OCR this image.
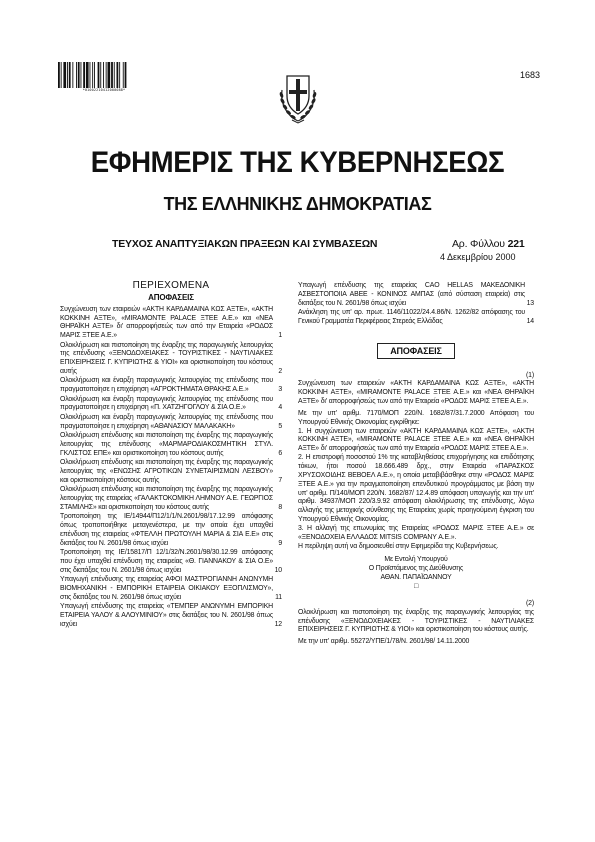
*01002210412000088*
1683
ΕΦΗΜΕΡΙΣ ΤΗΣ ΚΥΒΕΡΝΗΣΕΩΣ
ΤΗΣ ΕΛΛΗΝΙΚΗΣ ΔΗΜΟΚΡΑΤΙΑΣ
ΤΕΥΧΟΣ ΑΝΑΠΤΥΞΙΑΚΩΝ ΠΡΑΞΕΩΝ ΚΑΙ ΣΥΜΒΑΣΕΩΝ	Αρ. Φύλλου 221
4 Δεκεμβρίου 2000
ΠΕΡΙΕΧΟΜΕΝΑ
ΑΠΟΦΑΣΕΙΣ
Συγχώνευση των εταιρειών «ΑΚΤΗ ΚΑΡΔΑΜΑΙΝΑ ΚΩΣ ΑΞΤΕ», «ΑΚΤΗ ΚΟΚΚΙΝΗ ΑΞΤΕ», «MIRAMONTE PALACE ΞΤΕΕ Α.Ε.» και «ΝΕΑ ΘΗΡΑΪΚΗ ΑΞΤΕ» δι' απορροφήσεώς των από την Εταιρεία «ΡΟΔΟΣ ΜΑΡΙΣ ΞΤΕΕ Α.Ε.»	1
Ολοκλήρωση και πιστοποίηση της έναρξης της παραγωγικής λειτουργίας της επένδυσης «ΞΕΝΟΔΟΧΕΙΑΚΕΣ - ΤΟΥΡΙΣΤΙΚΕΣ - ΝΑΥΤΙΛΙΑΚΕΣ ΕΠΙΧΕΙΡΗΣΕΙΣ Γ. ΚΥΠΡΙΩΤΗΣ & ΥΙΟΙ» και οριστικοποίηση του κόστους αυτής	2
Ολοκλήρωση και έναρξη παραγωγικής λειτουργίας της επένδυσης που πραγματοποίησε η επιχείρηση «ΑΓΡΟΚΤΗΜΑΤΑ ΘΡΑΚΗΣ Α.Ε.»	3
Ολοκλήρωση και έναρξη παραγωγικής λειτουργίας της επένδυσης που πραγματοποίησε η επιχείρηση «Π. ΧΑΤΖΗΓΟΓΛΟΥ & ΣΙΑ Ο.Ε.»	4
Ολοκλήρωση και έναρξη παραγωγικής λειτουργίας της επένδυσης που πραγματοποίησε η επιχείρηση «ΑΘΑΝΑΣΙΟΥ ΜΑΛΑΚΑΚΗ»	5
Ολοκλήρωση επένδυσης και πιστοποίηση της έναρξης της παραγωγικής λειτουργίας της επένδυσης «ΜΑΡΜΑΡΟΔΙΑΚΟΣΜΗΤΙΚΗ ΣΤΥΛ. ΓΚΛΙΣΤΟΣ ΕΠΕ» και οριστικοποίηση του κόστους αυτής	6
Ολοκλήρωση επένδυσης και πιστοποίηση της έναρξης της παραγωγικής λειτουργίας της «ΕΝΩΣΗΣ ΑΓΡΟΤΙΚΩΝ ΣΥΝΕΤΑΙΡΙΣΜΩΝ ΛΕΣΒΟΥ» και οριστικοποίηση κόστους αυτής	7
Ολοκλήρωση επένδυσης και πιστοποίηση της έναρξης της παραγωγικής λειτουργίας της εταιρείας «ΓΑΛΑΚΤΟΚΟΜΙΚΗ ΛΗΜΝΟΥ Α.Ε. ΓΕΩΡΓΙΟΣ ΣΤΑΜΙΛΗΣ» και οριστικοποίηση του κόστους αυτής	8
Τροποποίηση της ΙΕ/14944/Π12/1/1/Ν.2601/98/17.12.99 απόφασης όπως τροποποιήθηκε μεταγενέστερα, με την οποία έχει υπαχθεί επένδυση της εταιρείας «ΦΤΕΛΛΗ ΠΡΩΤΟΥΛΗ ΜΑΡΙΑ & ΣΙΑ Ε.Ε» στις διατάξεις του Ν. 2601/98 όπως ισχύει	9
Τροποποίηση της ΙΕ/15817/Π 12/1/32/Ν.2601/98/30.12.99 απόφασης που έχει υπαχθεί επένδυση της εταιρείας «Θ. ΓΙΑΝΝΑΚΟΥ & ΣΙΑ Ο.Ε» στις διατάξεις του Ν. 2601/98 όπως ισχύει	10
Υπαγωγή επένδυσης της εταιρείας ΑΦΟΙ ΜΑΣΤΡΟΓΙΑΝΝΗ ΑΝΩΝΥΜΗ ΒΙΟΜΗΧΑΝΙΚΗ - ΕΜΠΟΡΙΚΗ ΕΤΑΙΡΕΙΑ ΟΙΚΙΑΚΟΥ ΕΞΟΠΛΙΣΜΟΥ», στις διατάξεις του Ν. 2601/98 όπως ισχύει	11
Υπαγωγή επένδυσης της εταιρείας «ΤΕΜΠΕΡ ΑΝΩΝΥΜΗ ΕΜΠΟΡΙΚΗ ΕΤΑΙΡΕΙΑ ΥΑΛΟΥ & ΑΛΟΥΜΙΝΙΟΥ» στις διατάξεις του Ν. 2601/98 όπως ισχύει	12
Υπαγωγή επένδυσης της εταιρείας CAO HELLAS ΜΑΚΕΔΟΝΙΚΗ ΑΣΒΕΣΤΟΠΟΙΙΑ ΑΒΕΕ - ΚΟΝΙΝΟΣ ΑΜΠΑΣ (από σύσταση εταιρεία) στις διατάξεις του Ν. 2601/98 όπως ισχύει	13
Ανάκληση της υπ' αρ. πρωτ. 1146/11022/24.4.86/Ν. 1262/82 απόφασης του Γενικού Γραμματέα Περιφέρειας Στερεάς Ελλάδας	14
ΑΠΟΦΑΣΕΙΣ
(1)

Συγχώνευση των εταιρειών «ΑΚΤΗ ΚΑΡΔΑΜΑΙΝΑ ΚΩΣ ΑΞΤΕ», «ΑΚΤΗ ΚΟΚΚΙΝΗ ΑΞΤΕ», «MIRAMONTE PALACE ΞΤΕΕ Α.Ε.» και «ΝΕΑ ΘΗΡΑΪΚΗ ΑΞΤΕ» δι' απορροφήσεώς των από την Εταιρεία «ΡΟΔΟΣ ΜΑΡΙΣ ΞΤΕΕ Α.Ε.».

Με την υπ' αριθμ. 7170/ΜΟΠ 220/Ν. 1682/87/31.7.2000 Απόφαση του Υπουργού Εθνικής Οικονομίας εγκρίθηκε:

1. Η συγχώνευση των εταιρειών «ΑΚΤΗ ΚΑΡΔΑΜΑΙΝΑ ΚΩΣ ΑΞΤΕ», «ΑΚΤΗ ΚΟΚΚΙΝΗ ΑΞΤΕ», «MIRAMONTE PALACE ΞΤΕΕ Α.Ε.» και «ΝΕΑ ΘΗΡΑΪΚΗ ΑΞΤΕ» δι' απορροφήσεώς των από την Εταιρεία «ΡΟΔΟΣ ΜΑΡΙΣ ΞΤΕΕ Α.Ε.».

2. Η επιστροφή ποσοστού 1% της καταβληθείσας επιχορήγησης και επιδότησης τόκων, ήτοι ποσού 18.666.489 δρχ., στην Εταιρεία «ΠΑΡΑΣΚΟΣ ΧΡΥΣΟΧΟΙΔΗΣ ΒΕΒΟΕΛ Α.Ε.», η οποία μεταβιβάσθηκε στην «ΡΟΔΟΣ ΜΑΡΙΣ ΞΤΕΕ Α.Ε.» για την πραγματοποίηση επενδυτικού προγράμματος με βάση την υπ' αριθμ. Π/140/ΜΟΠ 220/Ν. 1682/87/ 12.4.89 απόφαση υπαγωγής και την υπ' αριθμ. 34937/ΜΟΠ 220/3.9.92 απόφαση ολοκλήρωσης της επένδυσης, λόγω αλλαγής της μετοχικής σύνθεσης της Εταιρείας χωρίς προηγούμενη έγκριση του Υπουργού Εθνικής Οικονομίας.

3. Η αλλαγή της επωνυμίας της Εταιρείας «ΡΟΔΟΣ ΜΑΡΙΣ ΞΤΕΕ Α.Ε.» σε «ΞΕΝΟΔΟΧΕΙΑ ΕΛΛΑΔΟΣ MITSIS COMPANY Α.Ε.».

Η περίληψη αυτή να δημοσιευθεί στην Εφημερίδα της Κυβερνήσεως.

Με Εντολή Υπουργού
Ο Προϊστάμενος της Διεύθυνσης
ΑΘΑΝ. ΠΑΠΑΪΩΑΝΝΟΥ
□
(2)

Ολοκλήρωση και πιστοποίηση της έναρξης της παραγωγικής λειτουργίας της επένδυσης «ΞΕΝΟΔΟΧΕΙΑΚΕΣ - ΤΟΥΡΙΣΤΙΚΕΣ - ΝΑΥΤΙΛΙΑΚΕΣ ΕΠΙΧΕΙΡΗΣΕΙΣ Γ. ΚΥΠΡΙΩΤΗΣ & ΥΙΟΙ» και οριστικοποίηση του κόστους αυτής.

Με την υπ' αριθμ. 55272/ΥΠΕ/1/78/Ν. 2601/98/ 14.11.2000
